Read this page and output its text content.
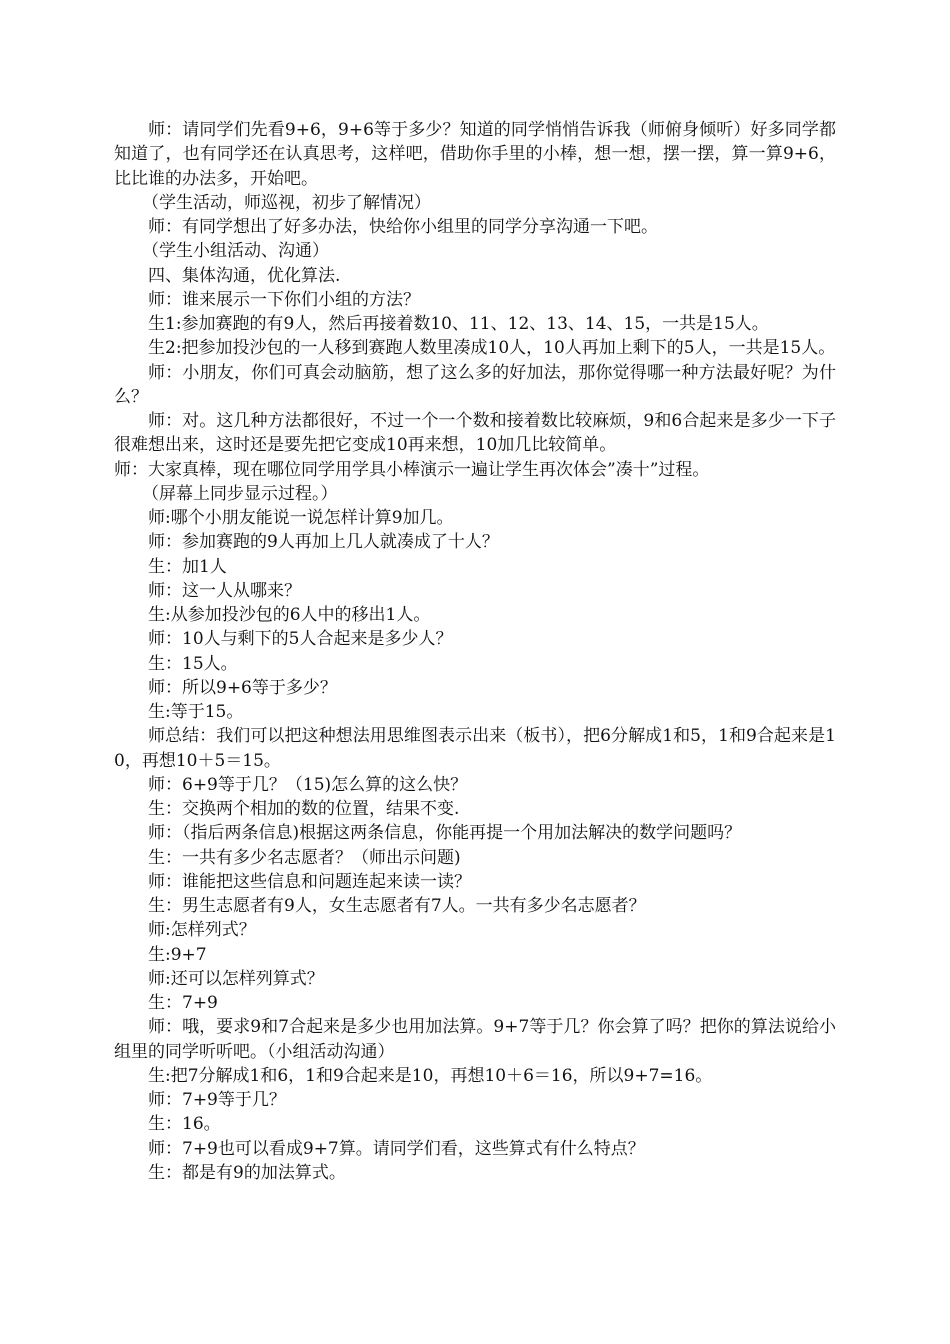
师：请同学们先看9+6，9+6等于多少？知道的同学悄悄告诉我（师俯身倾听）好多同学都知道了，也有同学还在认真思考，这样吧，借助你手里的小棒，想一想，摆一摆，算一算9+6，比比谁的办法多，开始吧。

（学生活动，师巡视，初步了解情况）

师：有同学想出了好多办法，快给你小组里的同学分享沟通一下吧。

（学生小组活动、沟通）

四、集体沟通，优化算法.

师：谁来展示一下你们小组的方法？

生1:参加赛跑的有9人，然后再接着数10、11、12、13、14、15，一共是15人。

生2:把参加投沙包的一人移到赛跑人数里凑成10人，10人再加上剩下的5人，一共是15人。

师：小朋友，你们可真会动脑筋，想了这么多的好加法，那你觉得哪一种方法最好呢？为什么？

师：对。这几种方法都很好，不过一个一个数和接着数比较麻烦，9和6合起来是多少一下子很难想出来，这时还是要先把它变成10再来想，10加几比较简单。

师：大家真棒，现在哪位同学用学具小棒演示一遍让学生再次体会”凑十”过程。

（屏幕上同步显示过程。）

师:哪个小朋友能说一说怎样计算9加几。

师：参加赛跑的9人再加上几人就凑成了十人？

生：加1人

师：这一人从哪来？

生:从参加投沙包的6人中的移出1人。

师：10人与剩下的5人合起来是多少人？

生：15人。

师：所以9+6等于多少？

生:等于15。

师总结：我们可以把这种想法用思维图表示出来（板书），把6分解成1和5，1和9合起来是10，再想10＋5＝15。

师：6+9等于几？（15)怎么算的这么快？

生：交换两个相加的数的位置，结果不变.

师：（指后两条信息)根据这两条信息，你能再提一个用加法解决的数学问题吗？

生：一共有多少名志愿者？（师出示问题)

师：谁能把这些信息和问题连起来读一读？

生：男生志愿者有9人，女生志愿者有7人。一共有多少名志愿者？

师:怎样列式？

生:9+7

师:还可以怎样列算式？

生：7+9

师：哦，要求9和7合起来是多少也用加法算。9+7等于几？你会算了吗？把你的算法说给小组里的同学听听吧。（小组活动沟通）

生:把7分解成1和6，1和9合起来是10，再想10＋6＝16，所以9+7=16。

师：7+9等于几？

生：16。

师：7+9也可以看成9+7算。请同学们看，这些算式有什么特点？

生：都是有9的加法算式。
